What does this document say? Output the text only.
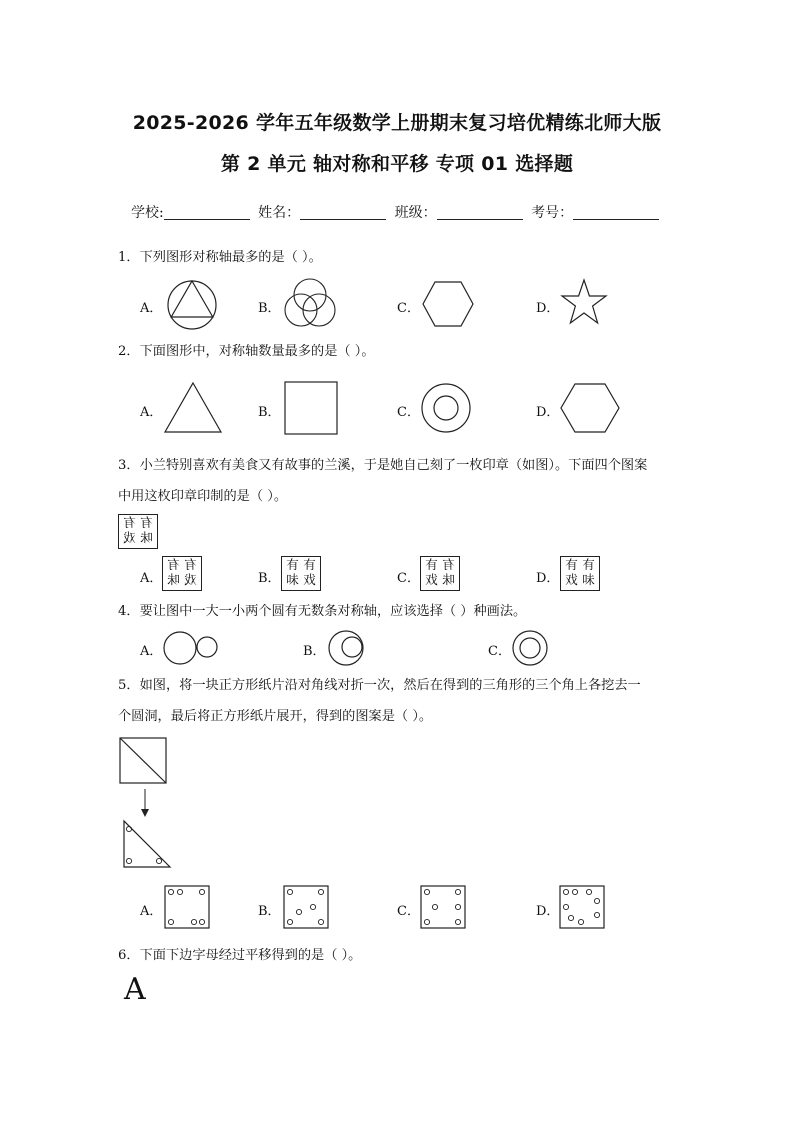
2025-2026 学年五年级数学上册期末复习培优精练北师大版
第 2 单元 轴对称和平移 专项 01 选择题
学校:	姓名：	班级：	考号：
1．下列图形对称轴最多的是（ ）。
A．	B．	C．	D．
2．下面图形中，对称轴数量最多的是（ ）。
A．	B．	C．	D．
3．小兰特别喜欢有美食又有故事的兰溪，于是她自己刻了一枚印章（如图）。下面四个图案
中用这枚印章印制的是（ ）。
有 有
戏 味
A．
有 有
味 戏	B．
有 有
味 戏	C．
有 有
戏 味	D．
有 有
戏 味
4．要让图中一大一小两个圆有无数条对称轴，应该选择（ ）种画法。
A．	B．	C．
5．如图，将一块正方形纸片沿对角线对折一次，然后在得到的三角形的三个角上各挖去一
个圆洞，最后将正方形纸片展开，得到的图案是（ ）。
A．	B．	C．	D．
6．下面下边字母经过平移得到的是（ ）。
A
